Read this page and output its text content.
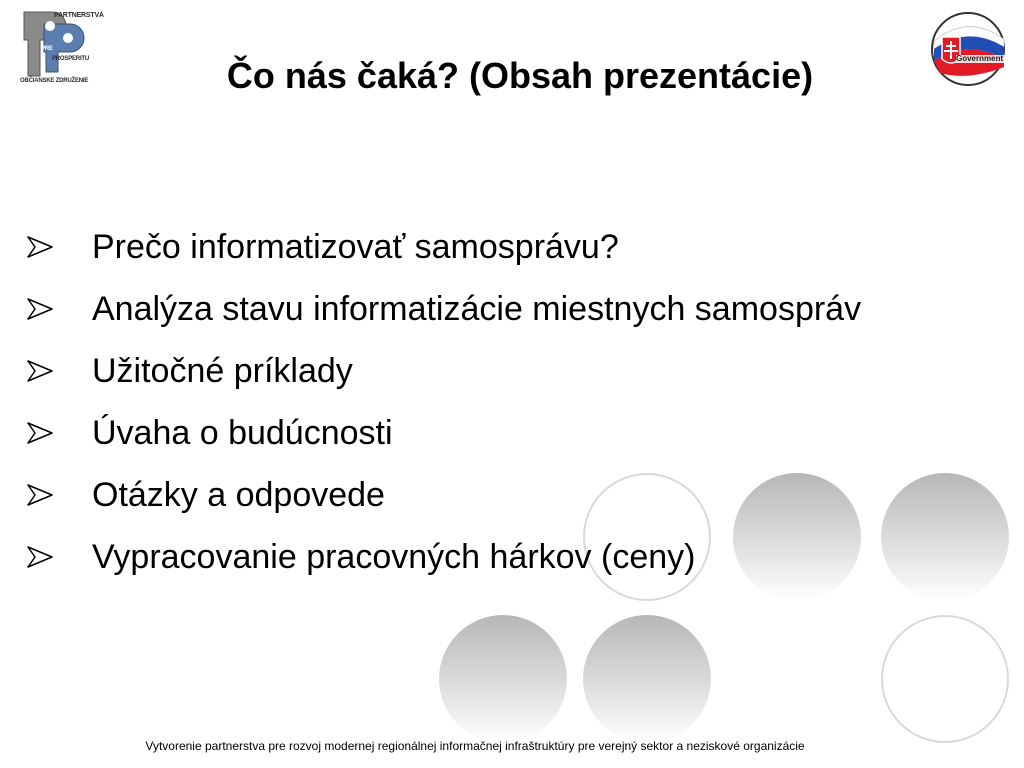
PARTNERSTVÁ
PRE
PROSPERITU
OBČIANSKE ZDRUŽENIE	Čo nás čaká? (Obsah prezentácie)	Government
Prečo informatizovať samosprávu?
Analýza stavu informatizácie miestnych samospráv
Užitočné príklady
Úvaha o budúcnosti
Otázky a odpovede
Vypracovanie pracovných hárkov (ceny)
Vytvorenie partnerstva pre rozvoj modernej regionálnej informačnej infraštruktúry pre verejný sektor a neziskové organizácie
